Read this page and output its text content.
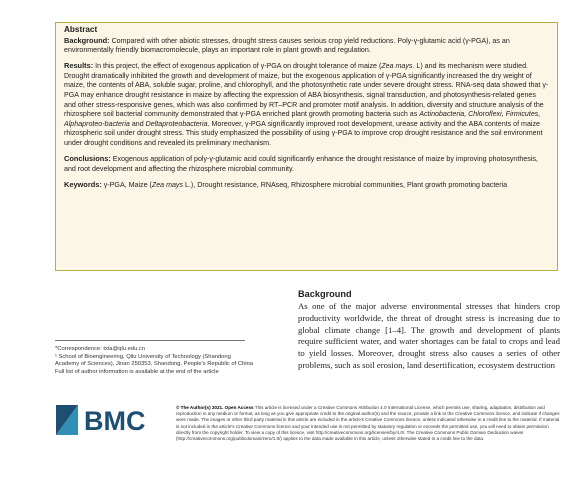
Abstract

Background: Compared with other abiotic stresses, drought stress causes serious crop yield reductions. Poly-γ-glutamic acid (γ-PGA), as an environmentally friendly biomacromolecule, plays an important role in plant growth and regulation.

Results: In this project, the effect of exogenous application of γ-PGA on drought tolerance of maize (Zea mays. L) and its mechanism were studied. Drought dramatically inhibited the growth and development of maize, but the exogenous application of γ-PGA significantly increased the dry weight of maize, the contents of ABA, soluble sugar, proline, and chlorophyll, and the photosynthetic rate under severe drought stress. RNA-seq data showed that γ-PGA may enhance drought resistance in maize by affecting the expression of ABA biosynthesis, signal transduction, and photosynthesis-related genes and other stress-responsive genes, which was also confirmed by RT–PCR and promoter motif analysis. In addition, diversity and structure analysis of the rhizosphere soil bacterial community demonstrated that γ-PGA enriched plant growth promoting bacteria such as Actinobacteria, Chloroflexi, Firmicutes, Alphaproteo-bacteria and Deltaproteobacteria. Moreover, γ-PGA significantly improved root development, urease activity and the ABA contents of maize rhizospheric soil under drought stress. This study emphasized the possibility of using γ-PGA to improve crop drought resistance and the soil environment under drought conditions and revealed its preliminary mechanism.

Conclusions: Exogenous application of poly-γ-glutamic acid could significantly enhance the drought resistance of maize by improving photosynthesis, and root development and affecting the rhizosphere microbial community.

Keywords: γ-PGA, Maize (Zea mays L.), Drought resistance, RNAseq, Rhizosphere microbial communities, Plant growth promoting bacteria

*Correspondence: txia@qlu.edu.cn
¹ School of Bioengineering, Qilu University of Technology (Shandong Academy of Sciences), Jinan 250353, Shandong, People's Republic of China
Full list of author information is available at the end of the article
Background

As one of the major adverse environmental stresses that hinders crop productivity worldwide, the threat of drought stress is increasing due to global climate change [1–4]. The growth and development of plants require sufficient water, and water shortages can be fatal to crops and lead to yield losses. Moreover, drought stress also causes a series of other problems, such as soil erosion, land desertification, ecosystem destruction

BMC	© The Author(s) 2021. Open Access This article is licensed under a Creative Commons Attribution 4.0 International License, which permits use, sharing, adaptation, distribution and reproduction in any medium or format, as long as you give appropriate credit to the original author(s) and the source, provide a link to the Creative Commons licence, and indicate if changes were made. The images or other third party material in this article are included in the article's Creative Commons licence, unless indicated otherwise in a credit line to the material. If material is not included in the article's Creative Commons licence and your intended use is not permitted by statutory regulation or exceeds the permitted use, you will need to obtain permission directly from the copyright holder. To view a copy of this licence, visit http://creativecommons.org/licenses/by/4.0/. The Creative Commons Public Domain Dedication waiver (http://creativecommons.org/publicdomain/zero/1.0/) applies to the data made available in this article, unless otherwise stated in a credit line to the data.
